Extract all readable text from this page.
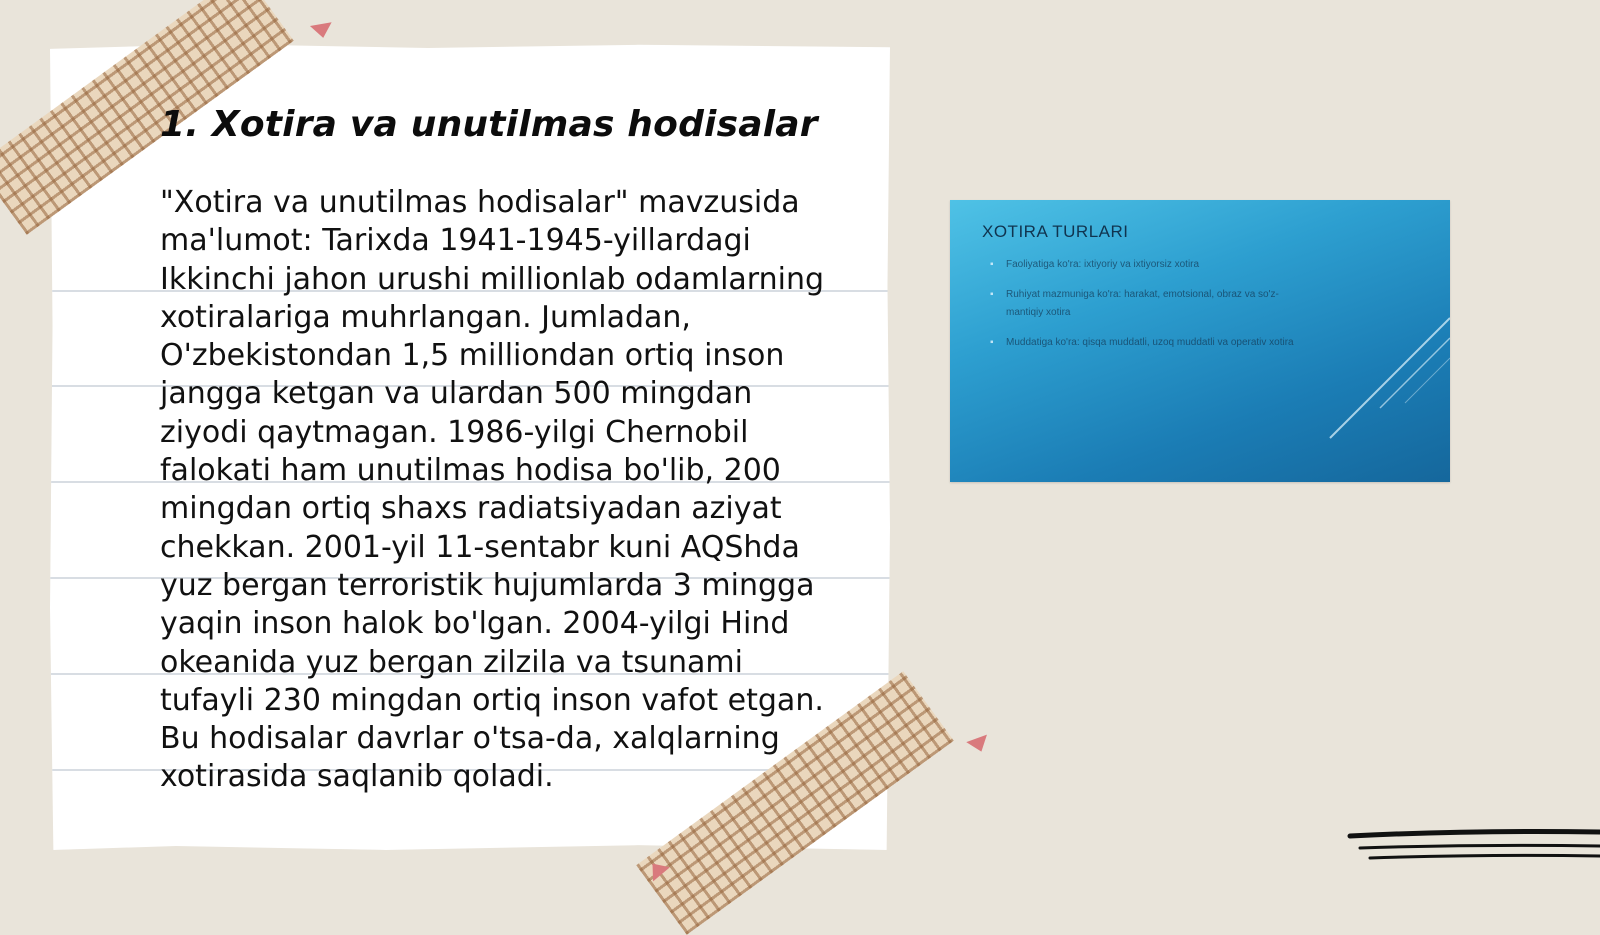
1. Xotira va unutilmas hodisalar

"Xotira va unutilmas hodisalar" mavzusida ma'lumot: Tarixda 1941-1945-yillardagi Ikkinchi jahon urushi millionlab odamlarning xotiralariga muhrlangan. Jumladan, O'zbekistondan 1,5 milliondan ortiq inson jangga ketgan va ulardan 500 mingdan ziyodi qaytmagan. 1986-yilgi Chernobil falokati ham unutilmas hodisa bo'lib, 200 mingdan ortiq shaxs radiatsiyadan aziyat chekkan. 2001-yil 11-sentabr kuni AQShda yuz bergan terroristik hujumlarda 3 mingga yaqin inson halok bo'lgan. 2004-yilgi Hind okeanida yuz bergan zilzila va tsunami tufayli 230 mingdan ortiq inson vafot etgan. Bu hodisalar davrlar o'tsa-da, xalqlarning xotirasida saqlanib qoladi.

XOTIRA TURLARI
▪ Faoliyatiga ko'ra: ixtiyoriy va ixtiyorsiz xotira
▪ Ruhiyat mazmuniga ko'ra: harakat, emotsional, obraz va so'z-mantiqiy xotira
▪ Muddatiga ko'ra: qisqa muddatli, uzoq muddatli va operativ xotira
